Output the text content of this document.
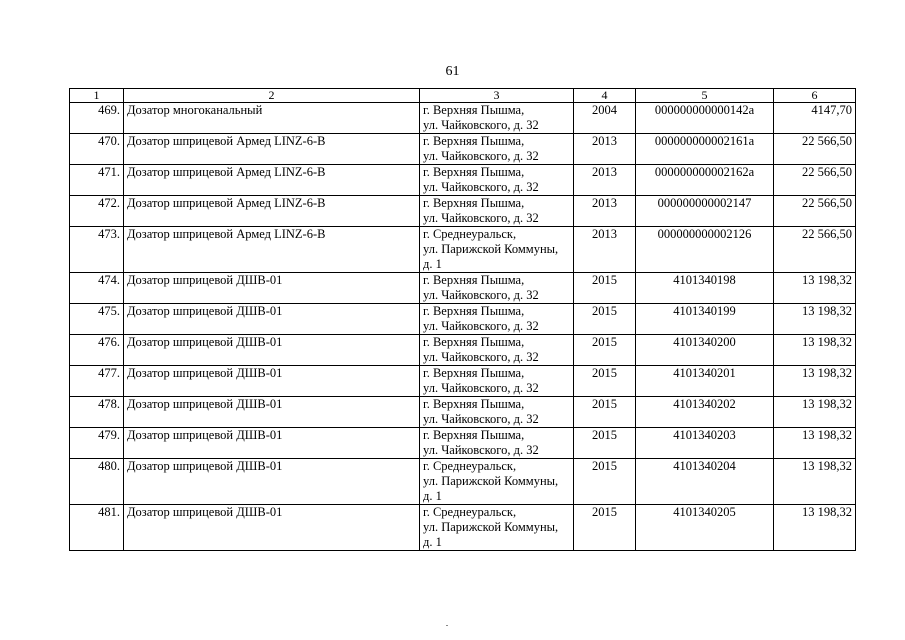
61
1	2	3	4	5	6
469.	Дозатор многоканальный	г. Верхняя Пышма,
ул. Чайковского, д. 32	2004	000000000000142а	4147,70
470.	Дозатор шприцевой Армед LINZ-6-B	г. Верхняя Пышма,
ул. Чайковского, д. 32	2013	000000000002161а	22 566,50
471.	Дозатор шприцевой Армед LINZ-6-B	г. Верхняя Пышма,
ул. Чайковского, д. 32	2013	000000000002162а	22 566,50
472.	Дозатор шприцевой Армед LINZ-6-B	г. Верхняя Пышма,
ул. Чайковского, д. 32	2013	000000000002147	22 566,50
473.	Дозатор шприцевой Армед LINZ-6-B	г. Среднеуральск,
ул. Парижской Коммуны,
д. 1	2013	000000000002126	22 566,50
474.	Дозатор шприцевой ДШВ-01	г. Верхняя Пышма,
ул. Чайковского, д. 32	2015	4101340198	13 198,32
475.	Дозатор шприцевой ДШВ-01	г. Верхняя Пышма,
ул. Чайковского, д. 32	2015	4101340199	13 198,32
476.	Дозатор шприцевой ДШВ-01	г. Верхняя Пышма,
ул. Чайковского, д. 32	2015	4101340200	13 198,32
477.	Дозатор шприцевой ДШВ-01	г. Верхняя Пышма,
ул. Чайковского, д. 32	2015	4101340201	13 198,32
478.	Дозатор шприцевой ДШВ-01	г. Верхняя Пышма,
ул. Чайковского, д. 32	2015	4101340202	13 198,32
479.	Дозатор шприцевой ДШВ-01	г. Верхняя Пышма,
ул. Чайковского, д. 32	2015	4101340203	13 198,32
480.	Дозатор шприцевой ДШВ-01	г. Среднеуральск,
ул. Парижской Коммуны,
д. 1	2015	4101340204	13 198,32
481.	Дозатор шприцевой ДШВ-01	г. Среднеуральск,
ул. Парижской Коммуны,
д. 1	2015	4101340205	13 198,32
